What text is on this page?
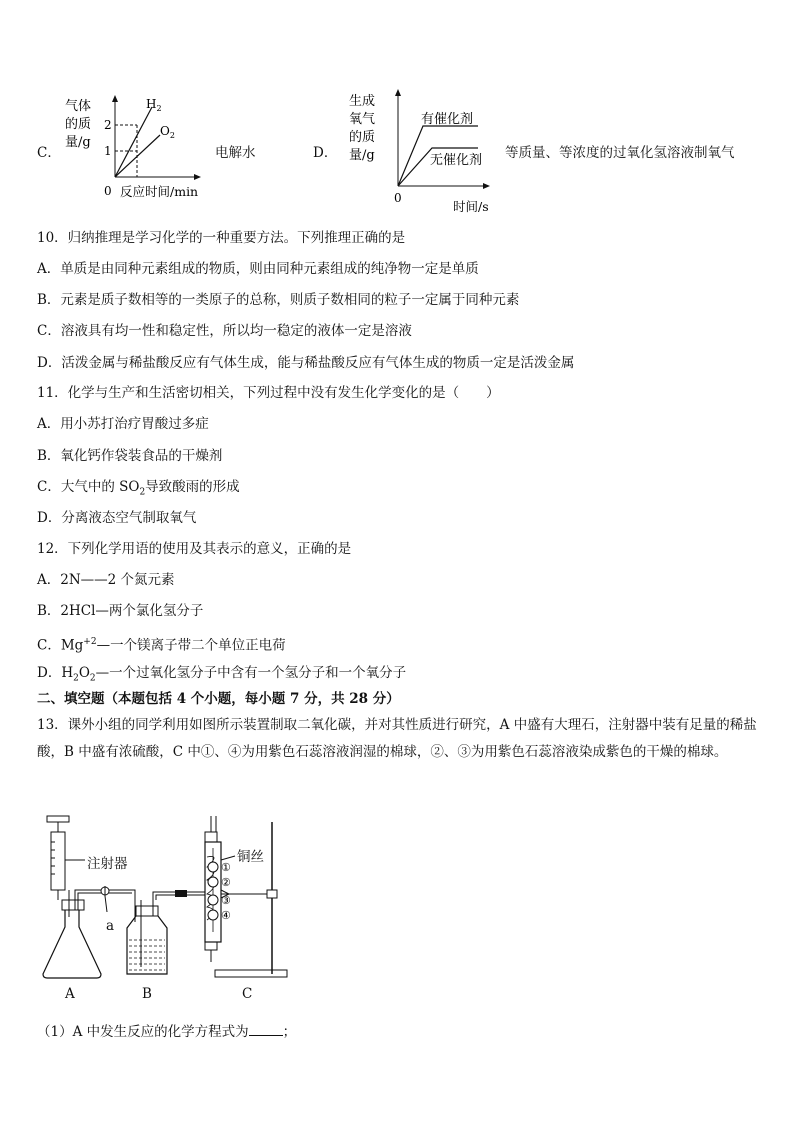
C．
气体
的质
量/g
2
1
$H_2$
$O_2$
0 反应时间/min
电解水	D．
生成
氧气
的质
量/g
有催化剂
无催化剂
0
时间/s
等质量、等浓度的过氧化氢溶液制氧气
10．归纳推理是学习化学的一种重要方法。下列推理正确的是
A．单质是由同种元素组成的物质，则由同种元素组成的纯净物一定是单质
B．元素是质子数相等的一类原子的总称，则质子数相同的粒子一定属于同种元素
C．溶液具有均一性和稳定性，所以均一稳定的液体一定是溶液
D．活泼金属与稀盐酸反应有气体生成，能与稀盐酸反应有气体生成的物质一定是活泼金属
11．化学与生产和生活密切相关，下列过程中没有发生化学变化的是（　　）
A．用小苏打治疗胃酸过多症
B．氧化钙作袋装食品的干燥剂
C．大气中的 $SO_2$导致酸雨的形成
D．分离液态空气制取氧气
12．下列化学用语的使用及其表示的意义，正确的是
A．2N——2 个氮元素
B．2HCl—两个氯化氢分子
C．$Mg^{+2}—$一个镁离子带二个单位正电荷
D．$H_2O_2—$一个过氧化氢分子中含有一个氢分子和一个氧分子
二、填空题（本题包括 4 个小题，每小题 7 分，共 28 分）
13．课外小组的同学利用如图所示装置制取二氧化碳，并对其性质进行研究，A 中盛有大理石，注射器中装有足量的稀盐酸，B 中盛有浓硫酸，C 中①、④为用紫色石蕊溶液润湿的棉球，②、③为用紫色石蕊溶液染成紫色的干燥的棉球。
①
②
③
④
注射器	铜丝
a
A	B	C
（1）A 中发生反应的化学方程式为	；
